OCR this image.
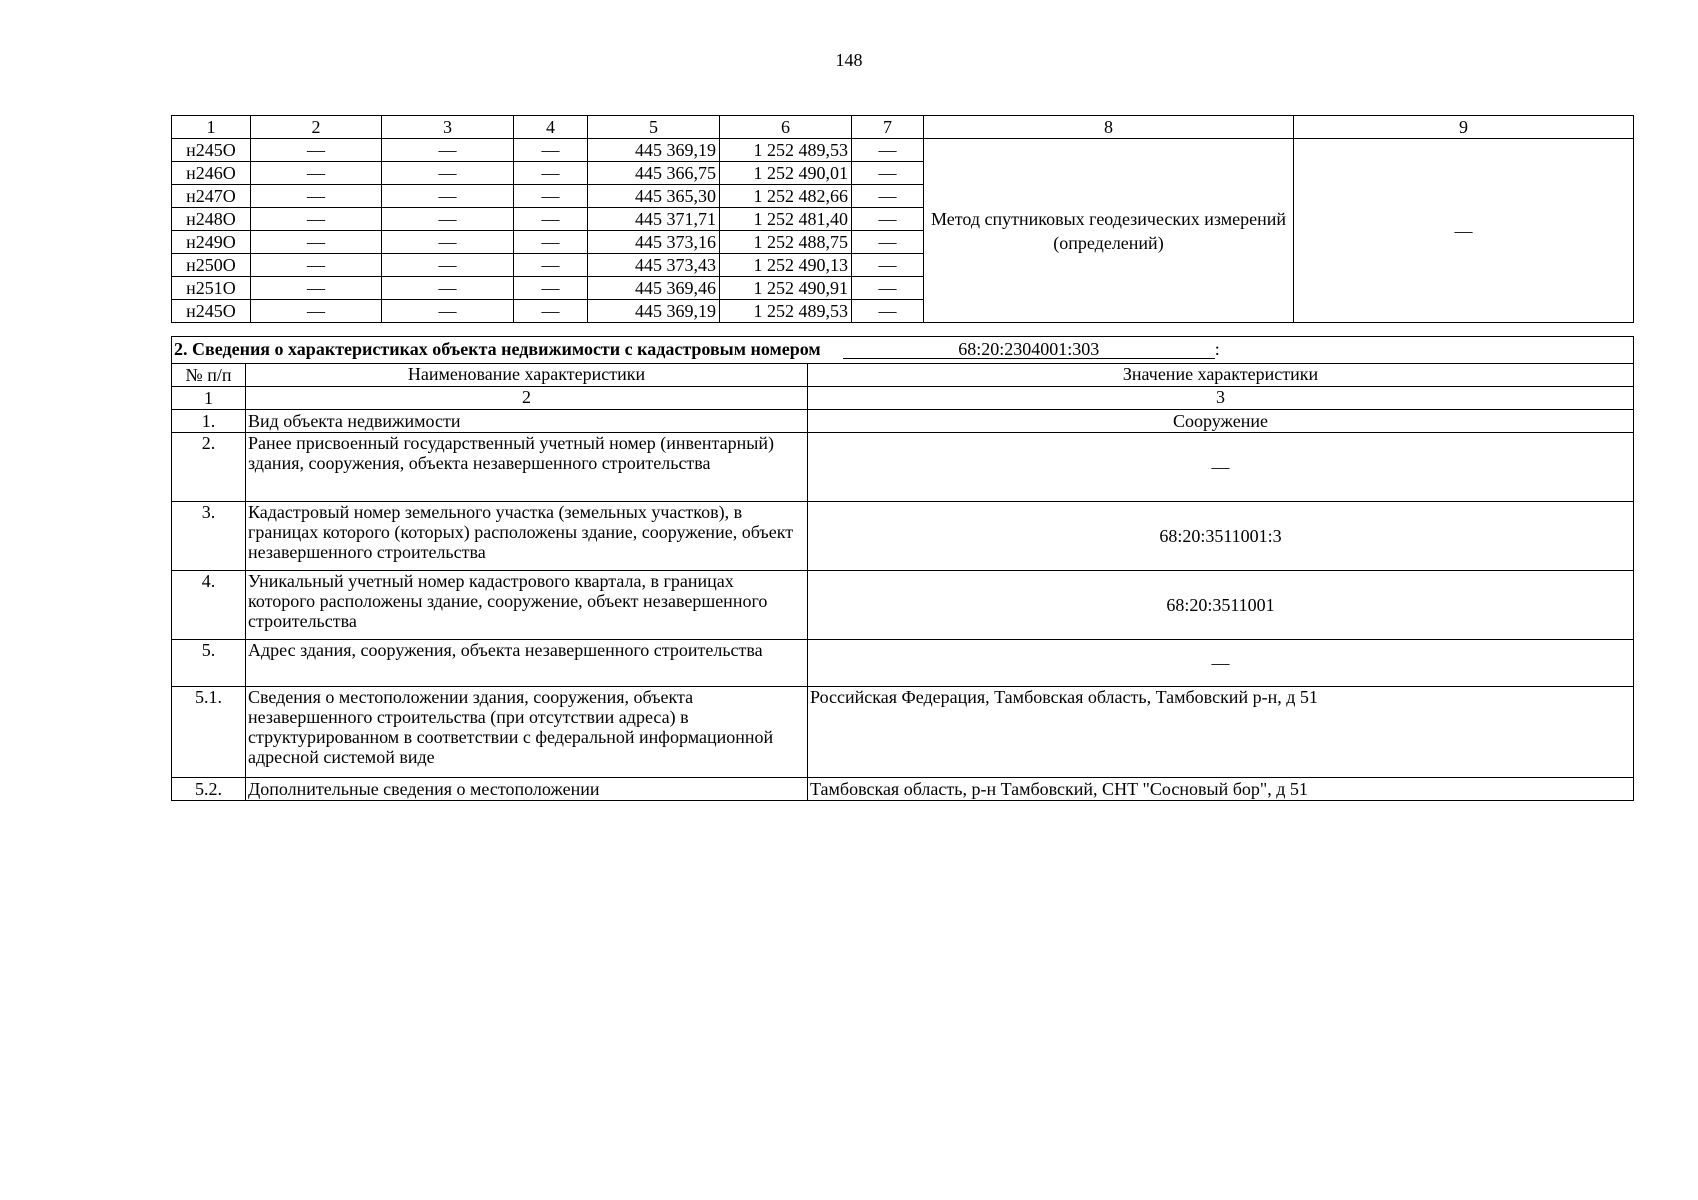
148
1	2	3	4	5	6	7	8	9
н245О	—	—	—	445 369,19	1 252 489,53	—	Метод спутниковых геодезических измерений (определений)	—
н246О	—	—	—	445 366,75	1 252 490,01	—		
н247О	—	—	—	445 365,30	1 252 482,66	—		
н248О	—	—	—	445 371,71	1 252 481,40	—		
н249О	—	—	—	445 373,16	1 252 488,75	—		
н250О	—	—	—	445 373,43	1 252 490,13	—		
н251О	—	—	—	445 369,46	1 252 490,91	—		
н245О	—	—	—	445 369,19	1 252 489,53	—		
2. Сведения о характеристиках объекта недвижимости с кадастровым номером 68:20:2304001:303 :		
№ п/п	Наименование характеристики	Значение характеристики
1	2	3
1.	Вид объекта недвижимости	Сооружение
2.	Ранее присвоенный государственный учетный номер (инвентарный) здания, сооружения, объекта незавершенного строительства	—
3.	Кадастровый номер земельного участка (земельных участков), в границах которого (которых) расположены здание, сооружение, объект незавершенного строительства	68:20:3511001:3
4.	Уникальный учетный номер кадастрового квартала, в границах которого расположены здание, сооружение, объект незавершенного строительства	68:20:3511001
5.	Адрес здания, сооружения, объекта незавершенного строительства	—
5.1.	Сведения о местоположении здания, сооружения, объекта незавершенного строительства (при отсутствии адреса) в структурированном в соответствии с федеральной информационной адресной системой виде	Российская Федерация, Тамбовская область, Тамбовский р-н, д 51
5.2.	Дополнительные сведения о местоположении	Тамбовская область, р-н Тамбовский, СНТ "Сосновый бор", д 51
